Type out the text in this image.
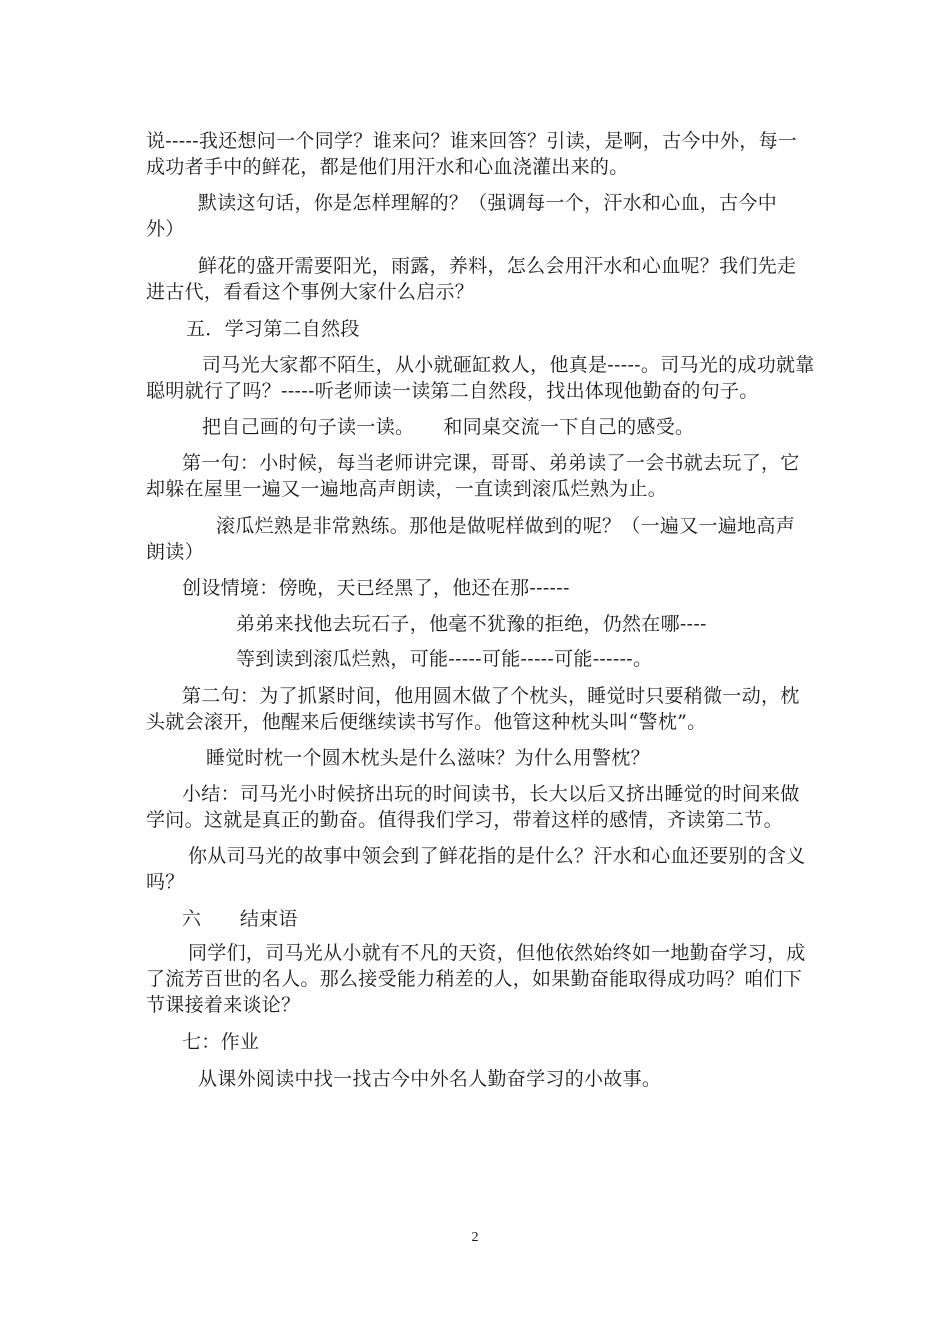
说-----我还想问一个同学？谁来问？谁来回答？引读，是啊，古今中外，每一
成功者手中的鲜花，都是他们用汗水和心血浇灌出来的。
默读这句话，你是怎样理解的？（强调每一个，汗水和心血，古今中
外）
鲜花的盛开需要阳光，雨露，养料，怎么会用汗水和心血呢？我们先走
进古代，看看这个事例大家什么启示？
五．学习第二自然段
司马光大家都不陌生，从小就砸缸救人，他真是-----。司马光的成功就靠
聪明就行了吗？-----听老师读一读第二自然段，找出体现他勤奋的句子。
把自己画的句子读一读。　　和同桌交流一下自己的感受。
第一句：小时候，每当老师讲完课，哥哥、弟弟读了一会书就去玩了，它
却躲在屋里一遍又一遍地高声朗读，一直读到滚瓜烂熟为止。
滚瓜烂熟是非常熟练。那他是做呢样做到的呢？（一遍又一遍地高声
朗读）
创设情境：傍晚，天已经黑了，他还在那------
弟弟来找他去玩石子，他毫不犹豫的拒绝，仍然在哪----
等到读到滚瓜烂熟，可能-----可能-----可能------。
第二句：为了抓紧时间，他用圆木做了个枕头，睡觉时只要稍微一动，枕
头就会滚开，他醒来后便继续读书写作。他管这种枕头叫“警枕”。
睡觉时枕一个圆木枕头是什么滋味？为什么用警枕？
小结：司马光小时候挤出玩的时间读书，长大以后又挤出睡觉的时间来做
学问。这就是真正的勤奋。值得我们学习，带着这样的感情，齐读第二节。
你从司马光的故事中领会到了鲜花指的是什么？汗水和心血还要别的含义
吗？
六　　结束语
同学们，司马光从小就有不凡的天资，但他依然始终如一地勤奋学习，成
了流芳百世的名人。那么接受能力稍差的人，如果勤奋能取得成功吗？咱们下
节课接着来谈论？
七：作业
从课外阅读中找一找古今中外名人勤奋学习的小故事。
2
